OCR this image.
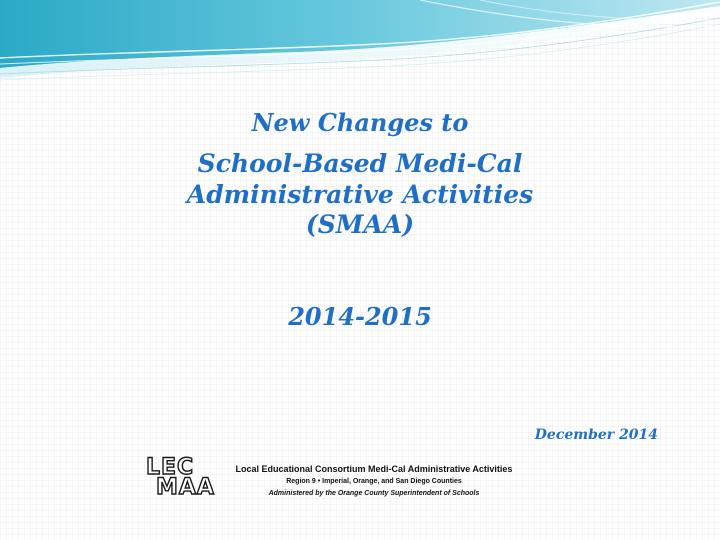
New Changes to
School-Based Medi-Cal
Administrative Activities
(SMAA)
2014-2015
December 2014
LEC
MAA
Local Educational Consortium Medi-Cal Administrative Activities
Region 9 • Imperial, Orange, and San Diego Counties
Administered by the Orange County Superintendent of Schools
